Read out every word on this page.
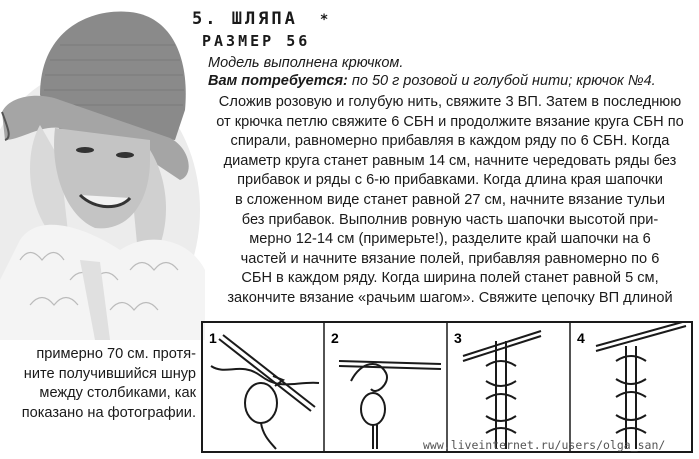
5. ШЛЯПА *
РАЗМЕР 56
Модель выполнена крючком.
Вам потребуется: по 50 г розовой и голубой нити; крючок №4.
Сложив розовую и голубую нить, свяжите 3 ВП. Затем в последнюю
от крючка петлю свяжите 6 СБН и продолжите вязание круга СБН по
спирали, равномерно прибавляя в каждом ряду по 6 СБН. Когда
диаметр круга станет равным 14 см, начните чередовать ряды без
прибавок и ряды с 6-ю прибавками. Когда длина края шапочки
в сложенном виде станет равной 27 см, начните вязание тульи
без прибавок. Выполнив ровную часть шапочки высотой при-
мерно 12-14 см (примерьте!), разделите край шапочки на 6
частей и начните вязание полей, прибавляя равномерно по 6
СБН в каждом ряду. Когда ширина полей станет равной 5 см,
закончите вязание «рачьим шагом». Свяжите цепочку ВП длиной
примерно 70 см. протя-
ните получившийся шнур
между столбиками, как
показано на фотографии.
1	2	3	4
www.liveinternet.ru/users/olga_san/
